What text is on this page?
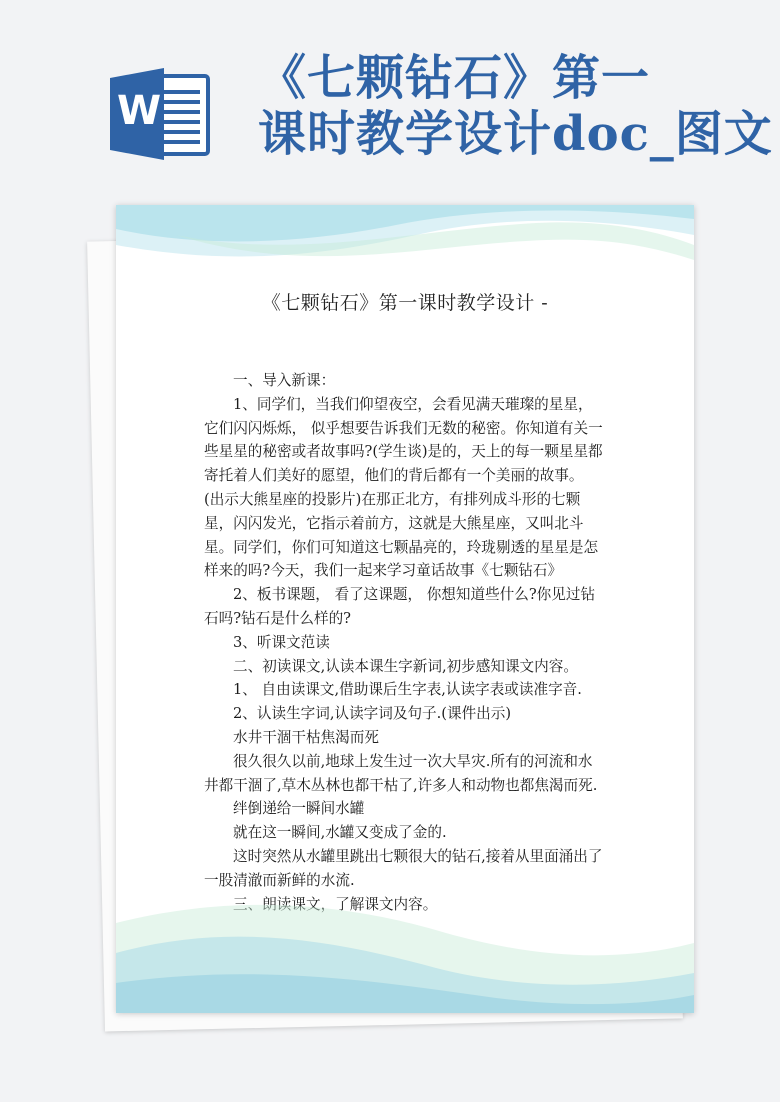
W
《七颗钻石》第一
课时教学设计doc_图文
《七颗钻石》第一课时教学设计 -

一、导入新课：

1、同学们，当我们仰望夜空，会看见满天璀璨的星星，它们闪闪烁烁， 似乎想要告诉我们无数的秘密。你知道有关一些星星的秘密或者故事吗?(学生谈)是的，天上的每一颗星星都寄托着人们美好的愿望，他们的背后都有一个美丽的故事。 (出示大熊星座的投影片)在那正北方，有排列成斗形的七颗星，闪闪发光，它指示着前方，这就是大熊星座，又叫北斗星。同学们，你们可知道这七颗晶亮的，玲珑剔透的星星是怎样来的吗?今天，我们一起来学习童话故事《七颗钻石》

2、板书课题， 看了这课题， 你想知道些什么?你见过钻石吗?钻石是什么样的?

3、听课文范读

二、初读课文,认读本课生字新词,初步感知课文内容。

1、 自由读课文,借助课后生字表,认读字表或读准字音.

2、认读生字词,认读字词及句子.(课件出示)

水井干涸干枯焦渴而死

很久很久以前,地球上发生过一次大旱灾.所有的河流和水井都干涸了,草木丛林也都干枯了,许多人和动物也都焦渴而死.

绊倒递给一瞬间水罐

就在这一瞬间,水罐又变成了金的.

这时突然从水罐里跳出七颗很大的钻石,接着从里面涌出了一股清澈而新鲜的水流.

三、朗读课文，了解课文内容。
